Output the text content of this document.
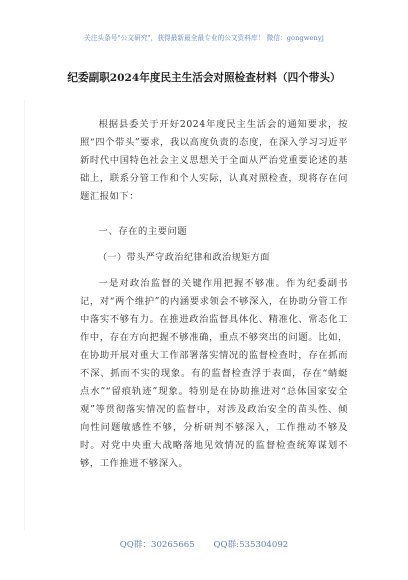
关注头条号"公文研究"，获得最新最全最专业的公文资料库！ 微信：gongwenyj
纪委副职2024年度民主生活会对照检查材料（四个带头）

根据县委关于开好2024年度民主生活会的通知要求，按照“四个带头”要求，我以高度负责的态度，在深入学习习近平新时代中国特色社会主义思想关于全面从严治党重要论述的基础上，联系分管工作和个人实际，认真对照检查，现将存在问题汇报如下：

一、存在的主要问题

（一）带头严守政治纪律和政治规矩方面

一是对政治监督的关键作用把握不够准。作为纪委副书记，对“两个维护”的内涵要求领会不够深入，在协助分管工作中落实不够有力。在推进政治监督具体化、精准化、常态化工作中，存在方向把握不够准确，重点不够突出的问题。比如，在协助开展对重大工作部署落实情况的监督检查时，存在抓而不深、抓而不实的现象。有的监督检查浮于表面，存在“蜻蜓点水”“留痕轨迹”现象。特别是在协助推进对“总体国家安全观”等贯彻落实情况的监督中，对涉及政治安全的苗头性、倾向性问题敏感性不够，分析研判不够深入，工作推动不够及时。对党中央重大战略落地见效情况的监督检查统筹谋划不够，工作推进不够深入。

QQ群：30265665 QQ群:535304092
